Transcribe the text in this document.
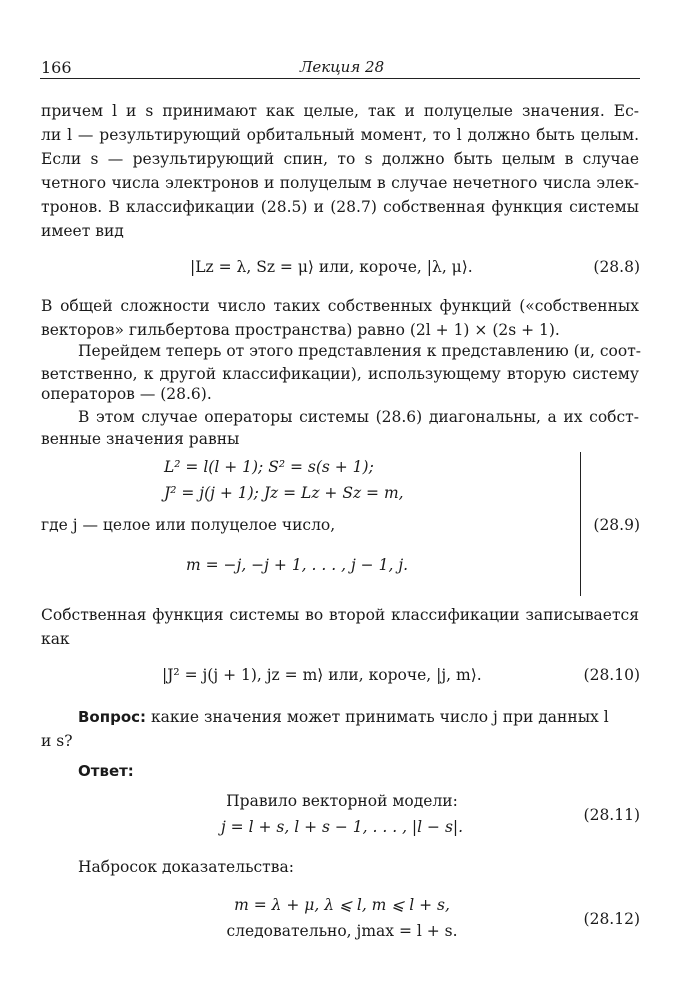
166	Лекция 28
причем l и s принимают как целые, так и полуцелые значения. Ес-
ли l — результирующий орбитальный момент, то l должно быть целым.
Если s — результирующий спин, то s должно быть целым в случае
четного числа электронов и полуцелым в случае нечетного числа элек-
тронов. В классификации (28.5) и (28.7) собственная функция системы
имеет вид
|Lz = λ, Sz = μ⟩ или, короче, |λ, μ⟩.	(28.8)
В общей сложности число таких собственных функций («собственных
векторов» гильбертова пространства) равно (2l + 1) × (2s + 1).
Перейдем теперь от этого представления к представлению (и, соот-
ветственно, к другой классификации), использующему вторую систему
операторов — (28.6).
В этом случае операторы системы (28.6) диагональны, а их собст-
венные значения равны
L² = l(l + 1); S² = s(s + 1);
J² = j(j + 1); Jz = Lz + Sz = m,
где j — целое или полуцелое число,
m = −j, −j + 1, . . . , j − 1, j.
(28.9)
Собственная функция системы во второй классификации записывается
как
|J² = j(j + 1), jz = m⟩ или, короче, |j, m⟩.	(28.10)
Вопрос: какие значения может принимать число j при данных l
и s?
Ответ:
Правило векторной модели:
j = l + s, l + s − 1, . . . , |l − s|.
(28.11)
Набросок доказательства:
m = λ + μ, λ ⩽ l, m ⩽ l + s,
следовательно, jmax = l + s.
(28.12)
